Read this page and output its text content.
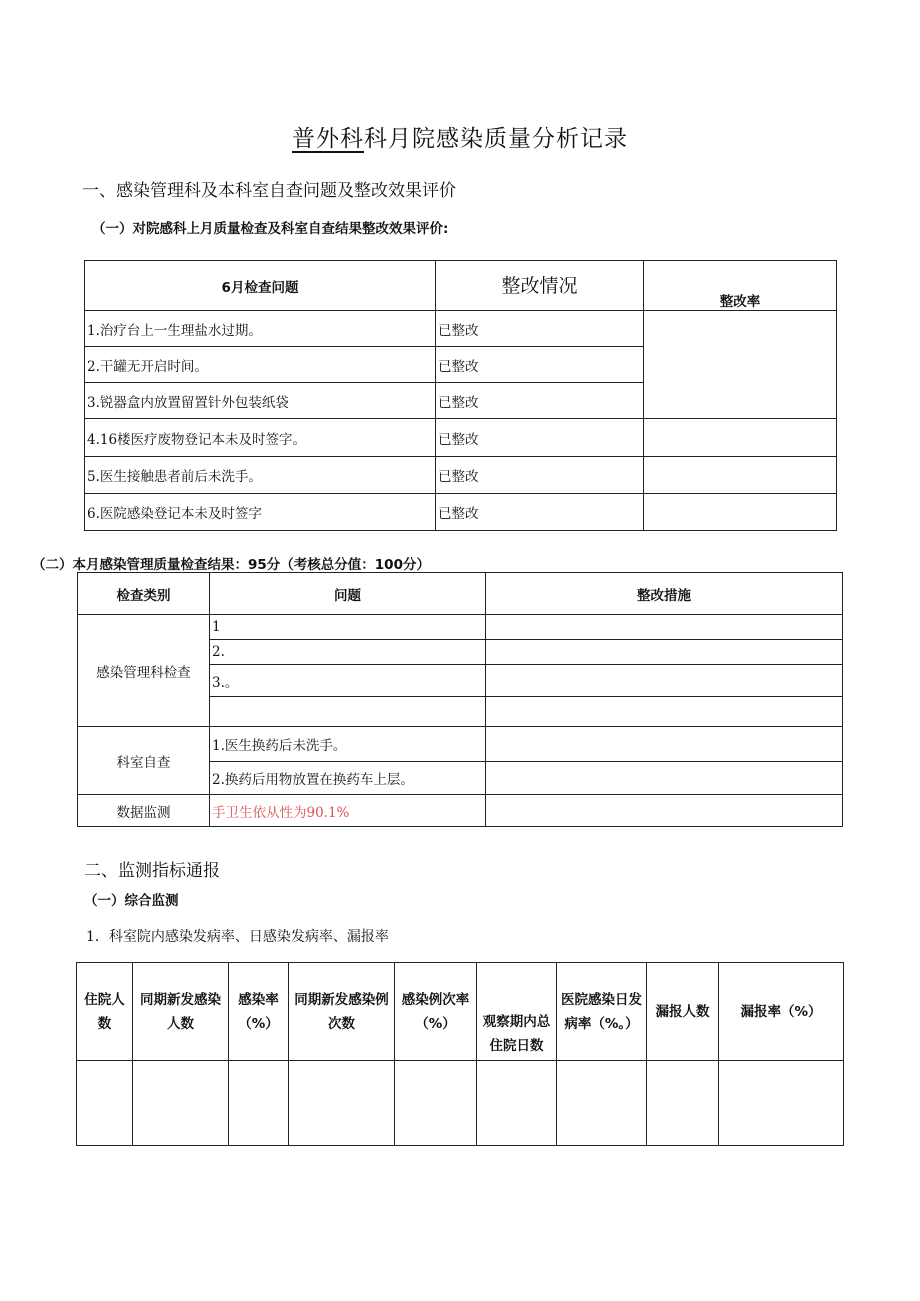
普外科科月院感染质量分析记录
一、感染管理科及本科室自查问题及整改效果评价
（一）对院感科上月质量检查及科室自查结果整改效果评价:
6月检查问题	整改情况	整改率
1.治疗台上一生理盐水过期。	已整改	
2.干罐无开启时间。	已整改	
3.锐器盒内放置留置针外包装纸袋	已整改	
4.16楼医疗废物登记本未及时签字。	已整改	
5.医生接触患者前后未洗手。	已整改	
6.医院感染登记本未及时签字	已整改	
（二）本月感染管理质量检查结果：95分（考核总分值：100分）
检查类别	问题	整改措施
感染管理科检查	1	
	2.	
	3.。	

科室自查	1.医生换药后未洗手。	
	2.换药后用物放置在换药车上层。	
数据监测	手卫生依从性为90.1%	
二、监测指标通报
（一）综合监测
1．科室院内感染发病率、日感染发病率、漏报率
住院人数	同期新发感染人数	感染率（%）	同期新发感染例次数	感染例次率（%）	观察期内总住院日数	医院感染日发病率（%。）	漏报人数	漏报率（%）
